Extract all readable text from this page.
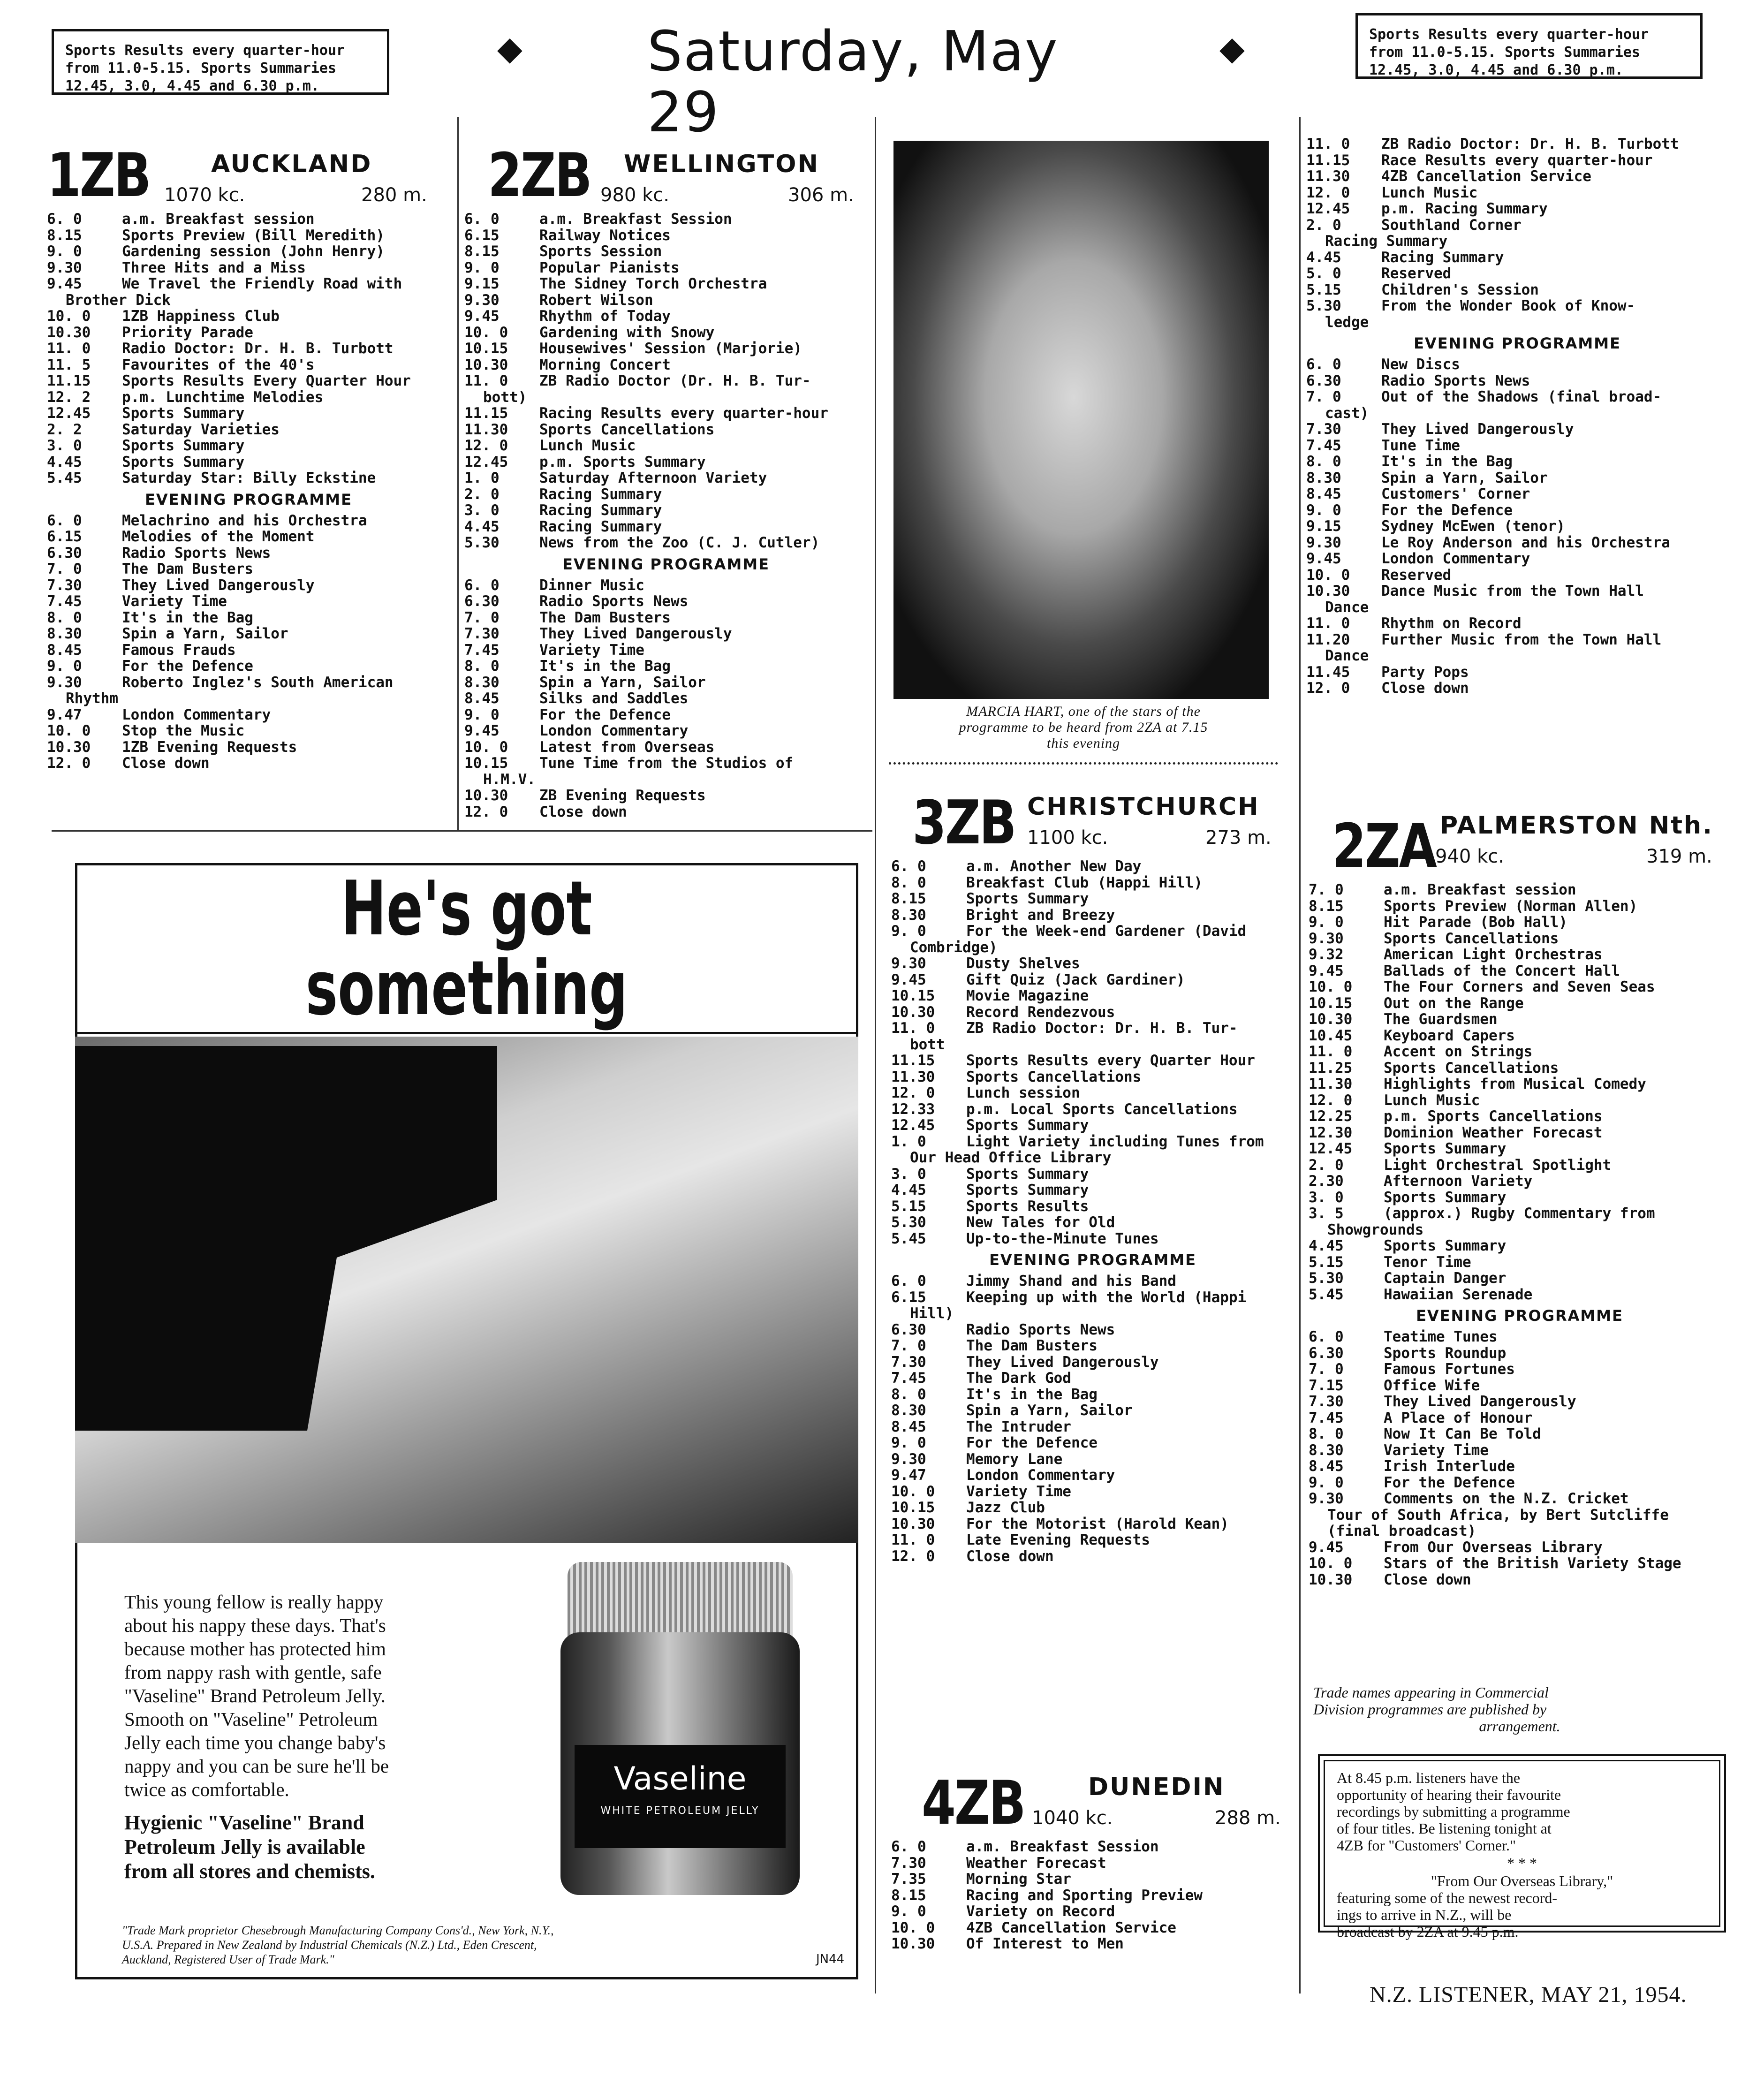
Sports Results every quarter-hour
from 11.0-5.15. Sports Summaries
12.45, 3.0, 4.45 and 6.30 p.m.
◆ Saturday, May 29
◆	Sports Results every quarter-hour
from 11.0-5.15. Sports Summaries
12.45, 3.0, 4.45 and 6.30 p.m.
1ZB	AUCKLAND
1070 kc.	280 m.
6. 0	a.m. Breakfast session
8.15	Sports Preview (Bill Meredith)
9. 0	Gardening session (John Henry)
9.30	Three Hits and a Miss
9.45	We Travel the Friendly Road with
Brother Dick
10. 0 1ZB Happiness Club
10.30 Priority Parade
11. 0 Radio Doctor: Dr. H. B. Turbott
11. 5 Favourites of the 40's
11.15 Sports Results Every Quarter Hour
12. 2 p.m. Lunchtime Melodies
12.45 Sports Summary
2. 2	Saturday Varieties
3. 0	Sports Summary
4.45	Sports Summary
5.45	Saturday Star: Billy Eckstine
EVENING PROGRAMME
6. 0	Melachrino and his Orchestra
6.15	Melodies of the Moment
6.30	Radio Sports News
7. 0	The Dam Busters
7.30	They Lived Dangerously
7.45	Variety Time
8. 0	It's in the Bag
8.30	Spin a Yarn, Sailor
8.45	Famous Frauds
9. 0	For the Defence
9.30	Roberto Inglez's South American
Rhythm
9.47	London Commentary
10. 0 Stop the Music
10.30 1ZB Evening Requests
12. 0 Close down
2ZB WELLINGTON
980 kc.	306 m.
6. 0	a.m. Breakfast Session
6.15	Railway Notices
8.15	Sports Session
9. 0	Popular Pianists
9.15	The Sidney Torch Orchestra
9.30	Robert Wilson
9.45	Rhythm of Today
10. 0 Gardening with Snowy
10.15 Housewives' Session (Marjorie)
10.30 Morning Concert
11. 0 ZB Radio Doctor (Dr. H. B. Tur-
bott)
11.15 Racing Results every quarter-hour
11.30 Sports Cancellations
12. 0 Lunch Music
12.45 p.m. Sports Summary
1. 0	Saturday Afternoon Variety
2. 0	Racing Summary
3. 0	Racing Summary
4.45	Racing Summary
5.30	News from the Zoo (C. J. Cutler)
EVENING PROGRAMME
6. 0	Dinner Music
6.30	Radio Sports News
7. 0	The Dam Busters
7.30	They Lived Dangerously
7.45	Variety Time
8. 0	It's in the Bag
8.30	Spin a Yarn, Sailor
8.45	Silks and Saddles
9. 0	For the Defence
9.45	London Commentary
10. 0 Latest from Overseas
10.15 Tune Time from the Studios of
H.M.V.
10.30 ZB Evening Requests
12. 0 Close down
MARCIA HART, one of the stars of the
programme to be heard from 2ZA at 7.15
this evening
3ZB CHRISTCHURCH
1100 kc.	273 m.
6. 0	a.m. Another New Day
8. 0	Breakfast Club (Happi Hill)
8.15	Sports Summary
8.30	Bright and Breezy
9. 0	For the Week-end Gardener (David
Combridge)
9.30	Dusty Shelves
9.45	Gift Quiz (Jack Gardiner)
10.15 Movie Magazine
10.30 Record Rendezvous
11. 0 ZB Radio Doctor: Dr. H. B. Tur-
bott
11.15 Sports Results every Quarter Hour
11.30 Sports Cancellations
12. 0 Lunch session
12.33 p.m. Local Sports Cancellations
12.45 Sports Summary
1. 0	Light Variety including Tunes from
Our Head Office Library
3. 0	Sports Summary
4.45	Sports Summary
5.15	Sports Results
5.30	New Tales for Old
5.45	Up-to-the-Minute Tunes
EVENING PROGRAMME
6. 0	Jimmy Shand and his Band
6.15	Keeping up with the World (Happi
Hill)
6.30	Radio Sports News
7. 0	The Dam Busters
7.30	They Lived Dangerously
7.45	The Dark God
8. 0	It's in the Bag
8.30	Spin a Yarn, Sailor
8.45	The Intruder
9. 0	For the Defence
9.30	Memory Lane
9.47	London Commentary
10. 0 Variety Time
10.15 Jazz Club
10.30 For the Motorist (Harold Kean)
11. 0 Late Evening Requests
12. 0 Close down
4ZB	DUNEDIN
1040 kc.	288 m.
6. 0	a.m. Breakfast Session
7.30	Weather Forecast
7.35	Morning Star
8.15	Racing and Sporting Preview
9. 0	Variety on Record
10. 0 4ZB Cancellation Service
10.30 Of Interest to Men
11. 0 ZB Radio Doctor: Dr. H. B. Turbott
11.15 Race Results every quarter-hour
11.30 4ZB Cancellation Service
12. 0 Lunch Music
12.45 p.m. Racing Summary
2. 0	Southland Corner
Racing Summary
4.45	Racing Summary
5. 0	Reserved
5.15	Children's Session
5.30	From the Wonder Book of Know-
ledge
EVENING PROGRAMME
6. 0	New Discs
6.30	Radio Sports News
7. 0	Out of the Shadows (final broad-
cast)
7.30	They Lived Dangerously
7.45	Tune Time
8. 0	It's in the Bag
8.30	Spin a Yarn, Sailor
8.45	Customers' Corner
9. 0	For the Defence
9.15	Sydney McEwen (tenor)
9.30	Le Roy Anderson and his Orchestra
9.45	London Commentary
10. 0 Reserved
10.30 Dance Music from the Town Hall
Dance
11. 0 Rhythm on Record
11.20 Further Music from the Town Hall
Dance
11.45 Party Pops
12. 0 Close down
2ZA PALMERSTON Nth.
940 kc.	319 m.
7. 0	a.m. Breakfast session
8.15	Sports Preview (Norman Allen)
9. 0	Hit Parade (Bob Hall)
9.30	Sports Cancellations
9.32	American Light Orchestras
9.45	Ballads of the Concert Hall
10. 0 The Four Corners and Seven Seas
10.15 Out on the Range
10.30 The Guardsmen
10.45 Keyboard Capers
11. 0 Accent on Strings
11.25 Sports Cancellations
11.30 Highlights from Musical Comedy
12. 0 Lunch Music
12.25 p.m. Sports Cancellations
12.30 Dominion Weather Forecast
12.45 Sports Summary
2. 0	Light Orchestral Spotlight
2.30	Afternoon Variety
3. 0	Sports Summary
3. 5	(approx.) Rugby Commentary from
Showgrounds
4.45	Sports Summary
5.15	Tenor Time
5.30	Captain Danger
5.45	Hawaiian Serenade
EVENING PROGRAMME
6. 0	Teatime Tunes
6.30	Sports Roundup
7. 0	Famous Fortunes
7.15	Office Wife
7.30	They Lived Dangerously
7.45	A Place of Honour
8. 0	Now It Can Be Told
8.30	Variety Time
8.45	Irish Interlude
9. 0	For the Defence
9.30	Comments on the N.Z. Cricket
Tour of South Africa, by Bert Sutcliffe
(final broadcast)
9.45	From Our Overseas Library
10. 0 Stars of the British Variety Stage
10.30 Close down
Trade names appearing in Commercial
Division programmes are published by
arrangement.
At 8.45 p.m. listeners have the
opportunity of hearing their favourite
recordings by submitting a programme
of four titles. Be listening tonight at
4ZB for "Customers' Corner."
* * *
"From Our Overseas Library,"
featuring some of the newest record-
ings to arrive in N.Z., will be
broadcast by 2ZA at 9.45 p.m.
N.Z. LISTENER, MAY 21, 1954.
He's got something
This young fellow is really happy
about his nappy these days. That's
because mother has protected him
from nappy rash with gentle, safe
"Vaseline" Brand Petroleum Jelly.
Smooth on "Vaseline" Petroleum
Jelly each time you change baby's
nappy and you can be sure he'll be
twice as comfortable.
Hygienic "Vaseline" Brand
Petroleum Jelly is available
from all stores and chemists.
Vaseline
WHITE PETROLEUM JELLY
"Trade Mark proprietor Chesebrough Manufacturing Company Cons'd., New York, N.Y.,
U.S.A. Prepared in New Zealand by Industrial Chemicals (N.Z.) Ltd., Eden Crescent,
Auckland, Registered User of Trade Mark."	JN44
